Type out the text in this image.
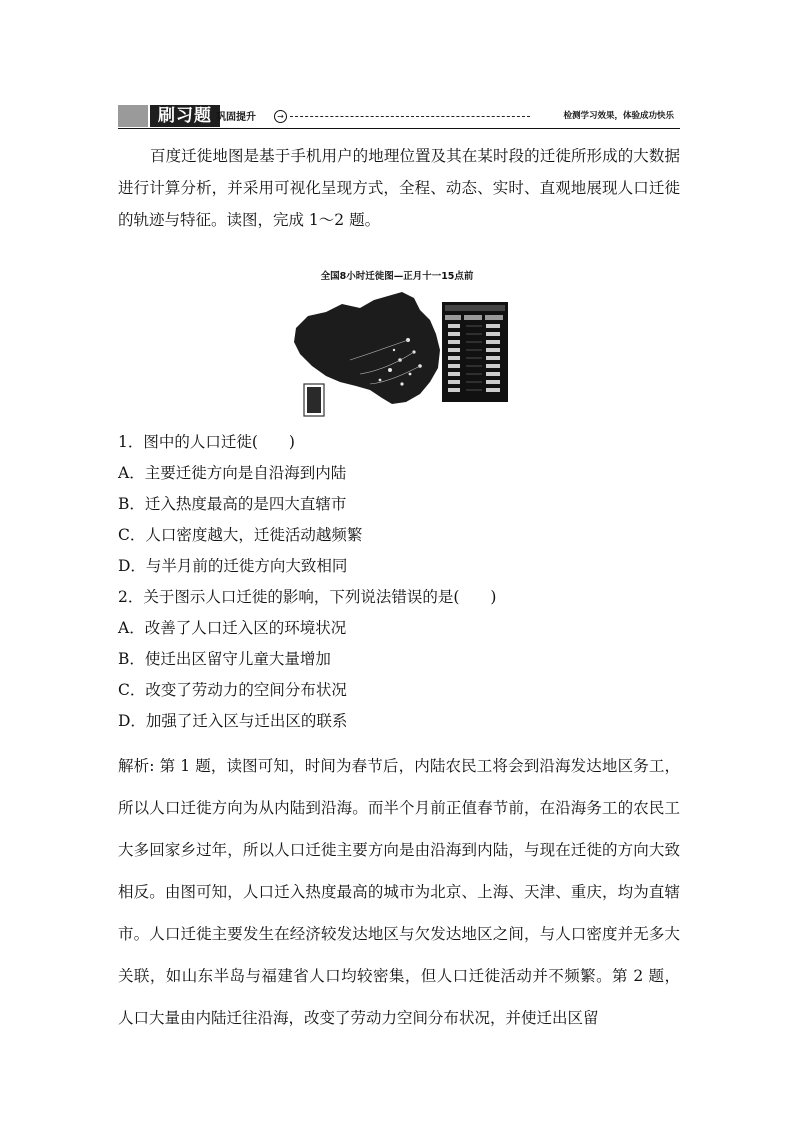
刷习题 巩固提升	→	检测学习效果，体验成功快乐

百度迁徙地图是基于手机用户的地理位置及其在某时段的迁徙所形成的大数据进行计算分析，并采用可视化呈现方式，全程、动态、实时、直观地展现人口迁徙的轨迹与特征。读图，完成 1～2 题。

全国8小时迁徙图—正月十一15点前
1．图中的人口迁徙(　　)
A．主要迁徙方向是自沿海到内陆
B．迁入热度最高的是四大直辖市
C．人口密度越大，迁徙活动越频繁
D．与半月前的迁徙方向大致相同
2．关于图示人口迁徙的影响，下列说法错误的是(　　)
A．改善了人口迁入区的环境状况
B．使迁出区留守儿童大量增加
C．改变了劳动力的空间分布状况
D．加强了迁入区与迁出区的联系

解析: 第 1 题，读图可知，时间为春节后，内陆农民工将会到沿海发达地区务工，所以人口迁徙方向为从内陆到沿海。而半个月前正值春节前，在沿海务工的农民工大多回家乡过年，所以人口迁徙主要方向是由沿海到内陆，与现在迁徙的方向大致相反。由图可知，人口迁入热度最高的城市为北京、上海、天津、重庆，均为直辖市。人口迁徙主要发生在经济较发达地区与欠发达地区之间，与人口密度并无多大关联，如山东半岛与福建省人口均较密集，但人口迁徙活动并不频繁。第 2 题，人口大量由内陆迁往沿海，改变了劳动力空间分布状况，并使迁出区留
